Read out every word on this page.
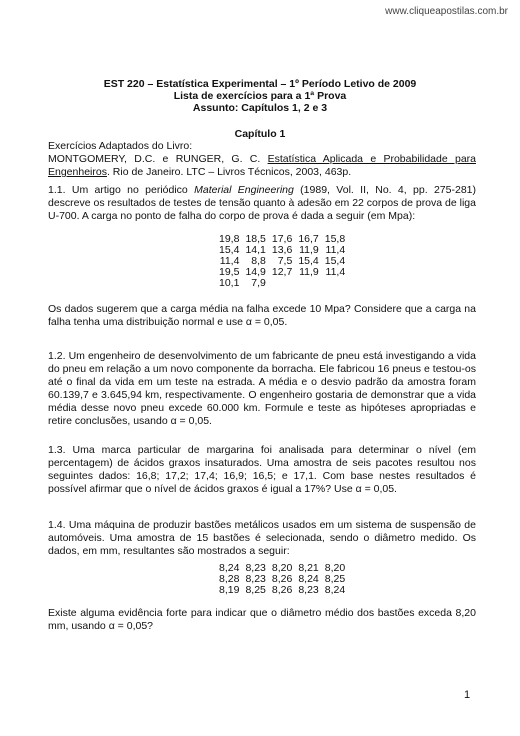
www.cliqueapostilas.com.br
EST 220 – Estatística Experimental – 1º Período Letivo de 2009
Lista de exercícios para a 1ª Prova
Assunto: Capítulos 1, 2 e 3
Capítulo 1

Exercícios Adaptados do Livro:

MONTGOMERY, D.C. e RUNGER, G. C. Estatística Aplicada e Probabilidade para Engenheiros. Rio de Janeiro. LTC – Livros Técnicos, 2003, 463p.

1.1. Um artigo no periódico Material Engineering (1989, Vol. II, No. 4, pp. 275-281) descreve os resultados de testes de tensão quanto à adesão em 22 corpos de prova de liga U-700. A carga no ponto de falha do corpo de prova é dada a seguir (em Mpa):

19,8	18,5	17,6	16,7	15,8
15,4	14,1	13,6	11,9	11,4
11,4	8,8	7,5	15,4	15,4
19,5	14,9	12,7	11,9	11,4
10,1	7,9			
Os dados sugerem que a carga média na falha excede 10 Mpa? Considere que a carga na falha tenha uma distribuição normal e use α = 0,05.
1.2. Um engenheiro de desenvolvimento de um fabricante de pneu está investigando a vida do pneu em relação a um novo componente da borracha. Ele fabricou 16 pneus e testou-os até o final da vida em um teste na estrada. A média e o desvio padrão da amostra foram 60.139,7 e 3.645,94 km, respectivamente. O engenheiro gostaria de demonstrar que a vida média desse novo pneu excede 60.000 km. Formule e teste as hipóteses apropriadas e retire conclusões, usando α = 0,05.
1.3. Uma marca particular de margarina foi analisada para determinar o nível (em percentagem) de ácidos graxos insaturados. Uma amostra de seis pacotes resultou nos seguintes dados: 16,8; 17,2; 17,4; 16,9; 16,5; e 17,1. Com base nestes resultados é possível afirmar que o nível de ácidos graxos é igual a 17%? Use α = 0,05.
1.4. Uma máquina de produzir bastões metálicos usados em um sistema de suspensão de automóveis. Uma amostra de 15 bastões é selecionada, sendo o diâmetro medido. Os dados, em mm, resultantes são mostrados a seguir:
8,24	8,23	8,20	8,21	8,20
8,28	8,23	8,26	8,24	8,25
8,19	8,25	8,26	8,23	8,24
Existe alguma evidência forte para indicar que o diâmetro médio dos bastões exceda 8,20 mm, usando α = 0,05?
1
